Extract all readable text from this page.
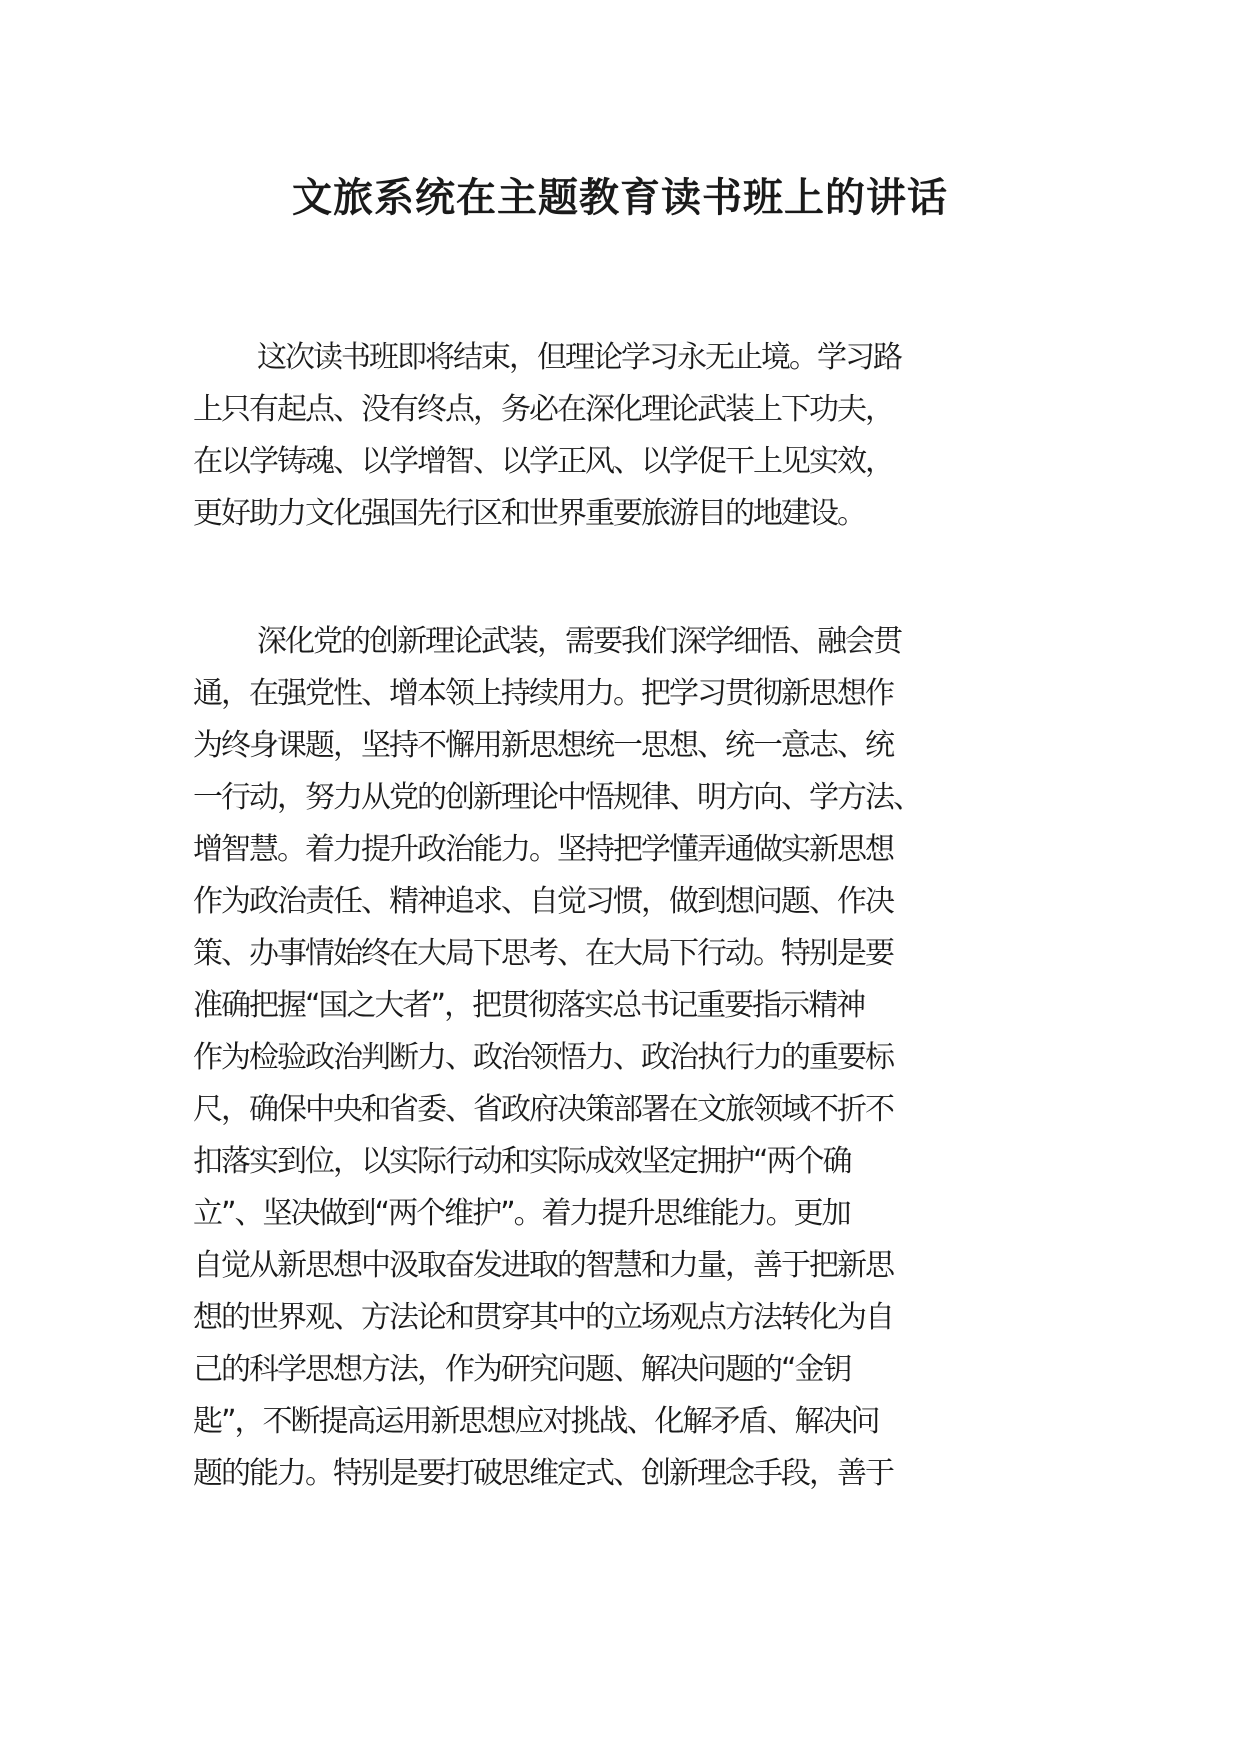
文旅系统在主题教育读书班上的讲话
这次读书班即将结束，但理论学习永无止境。学习路
上只有起点、没有终点，务必在深化理论武装上下功夫，
在以学铸魂、以学增智、以学正风、以学促干上见实效，
更好助力文化强国先行区和世界重要旅游目的地建设。
深化党的创新理论武装，需要我们深学细悟、融会贯
通，在强党性、增本领上持续用力。把学习贯彻新思想作
为终身课题，坚持不懈用新思想统一思想、统一意志、统
一行动，努力从党的创新理论中悟规律、明方向、学方法、
增智慧。着力提升政治能力。坚持把学懂弄通做实新思想
作为政治责任、精神追求、自觉习惯，做到想问题、作决
策、办事情始终在大局下思考、在大局下行动。特别是要
准确把握“国之大者”，把贯彻落实总书记重要指示精神
作为检验政治判断力、政治领悟力、政治执行力的重要标
尺，确保中央和省委、省政府决策部署在文旅领域不折不
扣落实到位，以实际行动和实际成效坚定拥护“两个确
立”、坚决做到“两个维护”。着力提升思维能力。更加
自觉从新思想中汲取奋发进取的智慧和力量，善于把新思
想的世界观、方法论和贯穿其中的立场观点方法转化为自
己的科学思想方法，作为研究问题、解决问题的“金钥
匙”，不断提高运用新思想应对挑战、化解矛盾、解决问
题的能力。特别是要打破思维定式、创新理念手段，善于
